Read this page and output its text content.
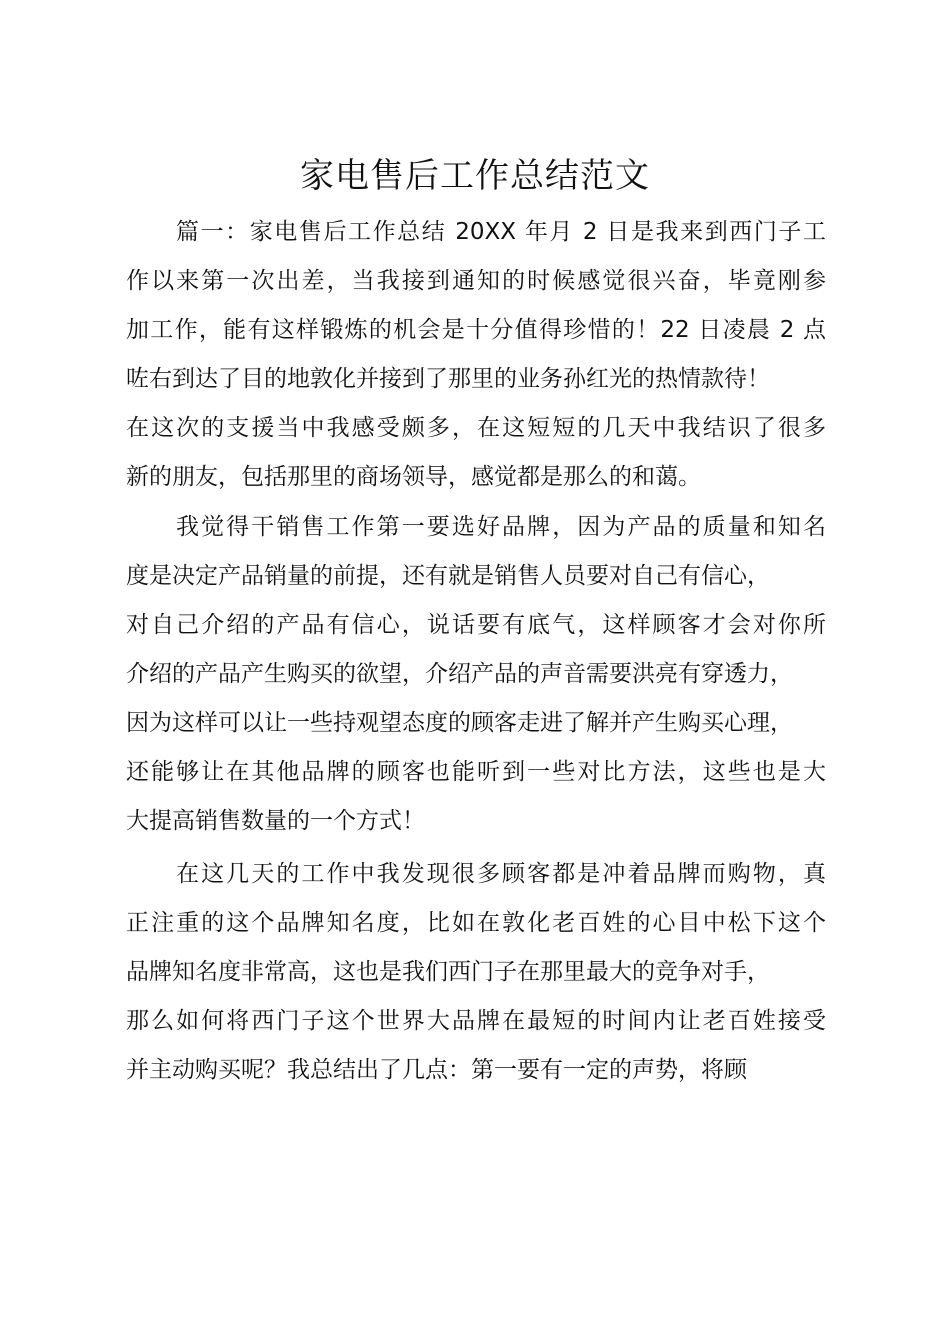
家电售后工作总结范文
篇一：家电售后工作总结 20XX 年月 2 日是我来到西门子工
作以来第一次出差，当我接到通知的时候感觉很兴奋，毕竟刚参
加工作，能有这样锻炼的机会是十分值得珍惜的！22 日凌晨 2 点
咗右到达了目的地敦化并接到了那里的业务孙红光的热情款待！
在这次的支援当中我感受颇多，在这短短的几天中我结识了很多
新的朋友，包括那里的商场领导，感觉都是那么的和蔼。
我觉得干销售工作第一要选好品牌，因为产品的质量和知名
度是决定产品销量的前提，还有就是销售人员要对自己有信心，
对自己介绍的产品有信心，说话要有底气，这样顾客才会对你所
介绍的产品产生购买的欲望，介绍产品的声音需要洪亮有穿透力，
因为这样可以让一些持观望态度的顾客走进了解并产生购买心理，
还能够让在其他品牌的顾客也能听到一些对比方法，这些也是大
大提高销售数量的一个方式！
在这几天的工作中我发现很多顾客都是冲着品牌而购物，真
正注重的这个品牌知名度，比如在敦化老百姓的心目中松下这个
品牌知名度非常高，这也是我们西门子在那里最大的竞争对手，
那么如何将西门子这个世界大品牌在最短的时间内让老百姓接受
并主动购买呢？我总结出了几点：第一要有一定的声势，将顾
